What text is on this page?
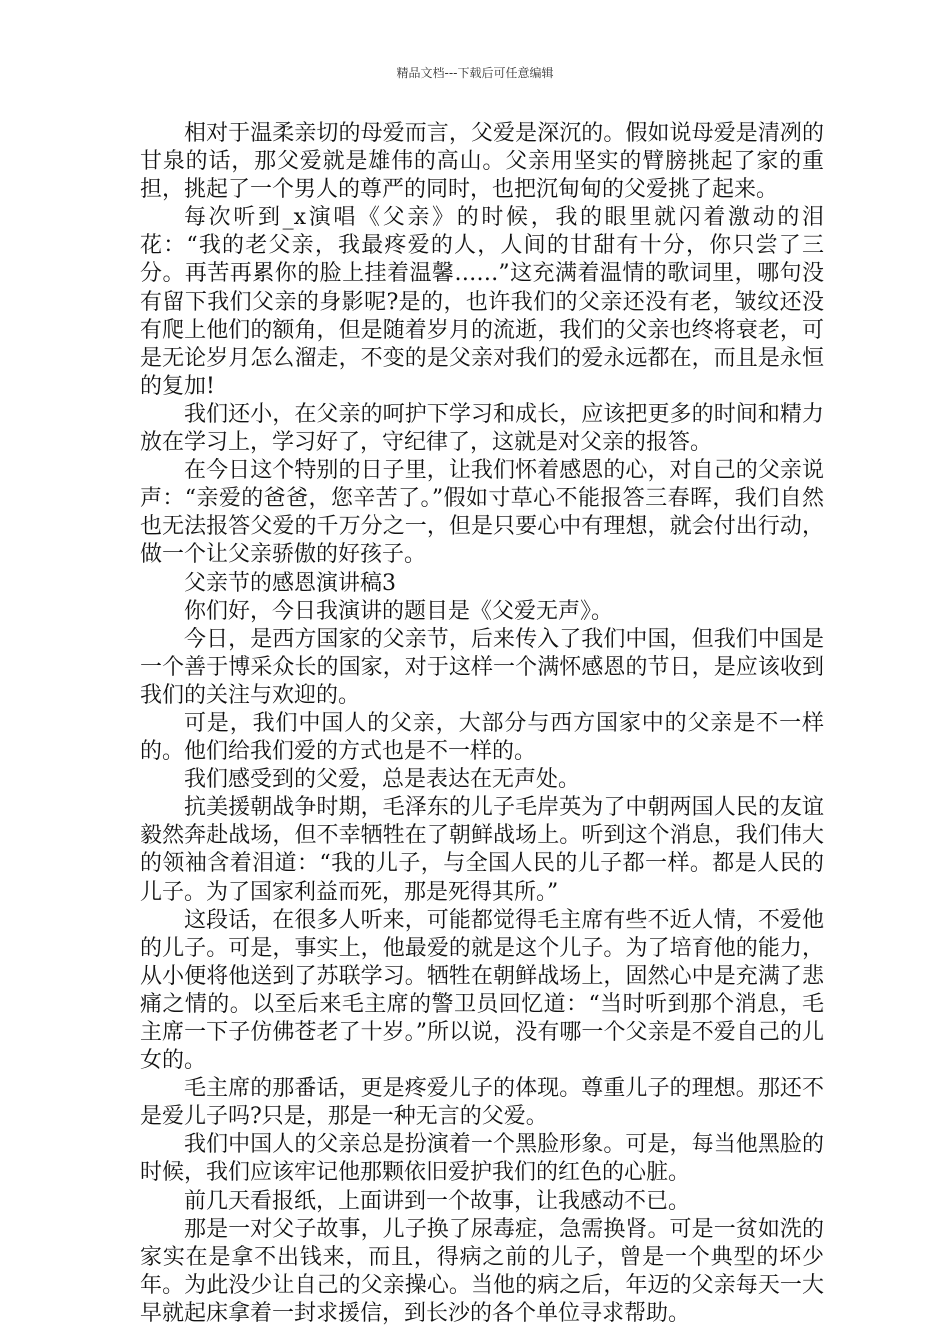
精品文档---下载后可任意编辑

相对于温柔亲切的母爱而言，父爱是深沉的。假如说母爱是清冽的甘泉的话，那父爱就是雄伟的高山。父亲用坚实的臂膀挑起了家的重担，挑起了一个男人的尊严的同时，也把沉甸甸的父爱挑了起来。

每次听到_x演唱《父亲》的时候，我的眼里就闪着激动的泪花：“我的老父亲，我最疼爱的人，人间的甘甜有十分，你只尝了三分。再苦再累你的脸上挂着温馨……”这充满着温情的歌词里，哪句没有留下我们父亲的身影呢?是的，也许我们的父亲还没有老，皱纹还没有爬上他们的额角，但是随着岁月的流逝，我们的父亲也终将衰老，可是无论岁月怎么溜走，不变的是父亲对我们的爱永远都在，而且是永恒的复加!

我们还小，在父亲的呵护下学习和成长，应该把更多的时间和精力放在学习上，学习好了，守纪律了，这就是对父亲的报答。

在今日这个特别的日子里，让我们怀着感恩的心，对自己的父亲说声：“亲爱的爸爸，您辛苦了。”假如寸草心不能报答三春晖，我们自然也无法报答父爱的千万分之一，但是只要心中有理想，就会付出行动，做一个让父亲骄傲的好孩子。

父亲节的感恩演讲稿3

你们好，今日我演讲的题目是《父爱无声》。

今日，是西方国家的父亲节，后来传入了我们中国，但我们中国是一个善于博采众长的国家，对于这样一个满怀感恩的节日，是应该收到我们的关注与欢迎的。

可是，我们中国人的父亲，大部分与西方国家中的父亲是不一样的。他们给我们爱的方式也是不一样的。

我们感受到的父爱，总是表达在无声处。

抗美援朝战争时期，毛泽东的儿子毛岸英为了中朝两国人民的友谊毅然奔赴战场，但不幸牺牲在了朝鲜战场上。听到这个消息，我们伟大的领袖含着泪道：“我的儿子，与全国人民的儿子都一样。都是人民的儿子。为了国家利益而死，那是死得其所。”

这段话，在很多人听来，可能都觉得毛主席有些不近人情，不爱他的儿子。可是，事实上，他最爱的就是这个儿子。为了培育他的能力，从小便将他送到了苏联学习。牺牲在朝鲜战场上，固然心中是充满了悲痛之情的。以至后来毛主席的警卫员回忆道：“当时听到那个消息，毛主席一下子仿佛苍老了十岁。”所以说，没有哪一个父亲是不爱自己的儿女的。

毛主席的那番话，更是疼爱儿子的体现。尊重儿子的理想。那还不是爱儿子吗?只是，那是一种无言的父爱。

我们中国人的父亲总是扮演着一个黑脸形象。可是，每当他黑脸的时候，我们应该牢记他那颗依旧爱护我们的红色的心脏。

前几天看报纸，上面讲到一个故事，让我感动不已。

那是一对父子故事，儿子换了尿毒症，急需换肾。可是一贫如洗的家实在是拿不出钱来，而且，得病之前的儿子，曾是一个典型的坏少年。为此没少让自己的父亲操心。当他的病之后，年迈的父亲每天一大早就起床拿着一封求援信，到长沙的各个单位寻求帮助。
